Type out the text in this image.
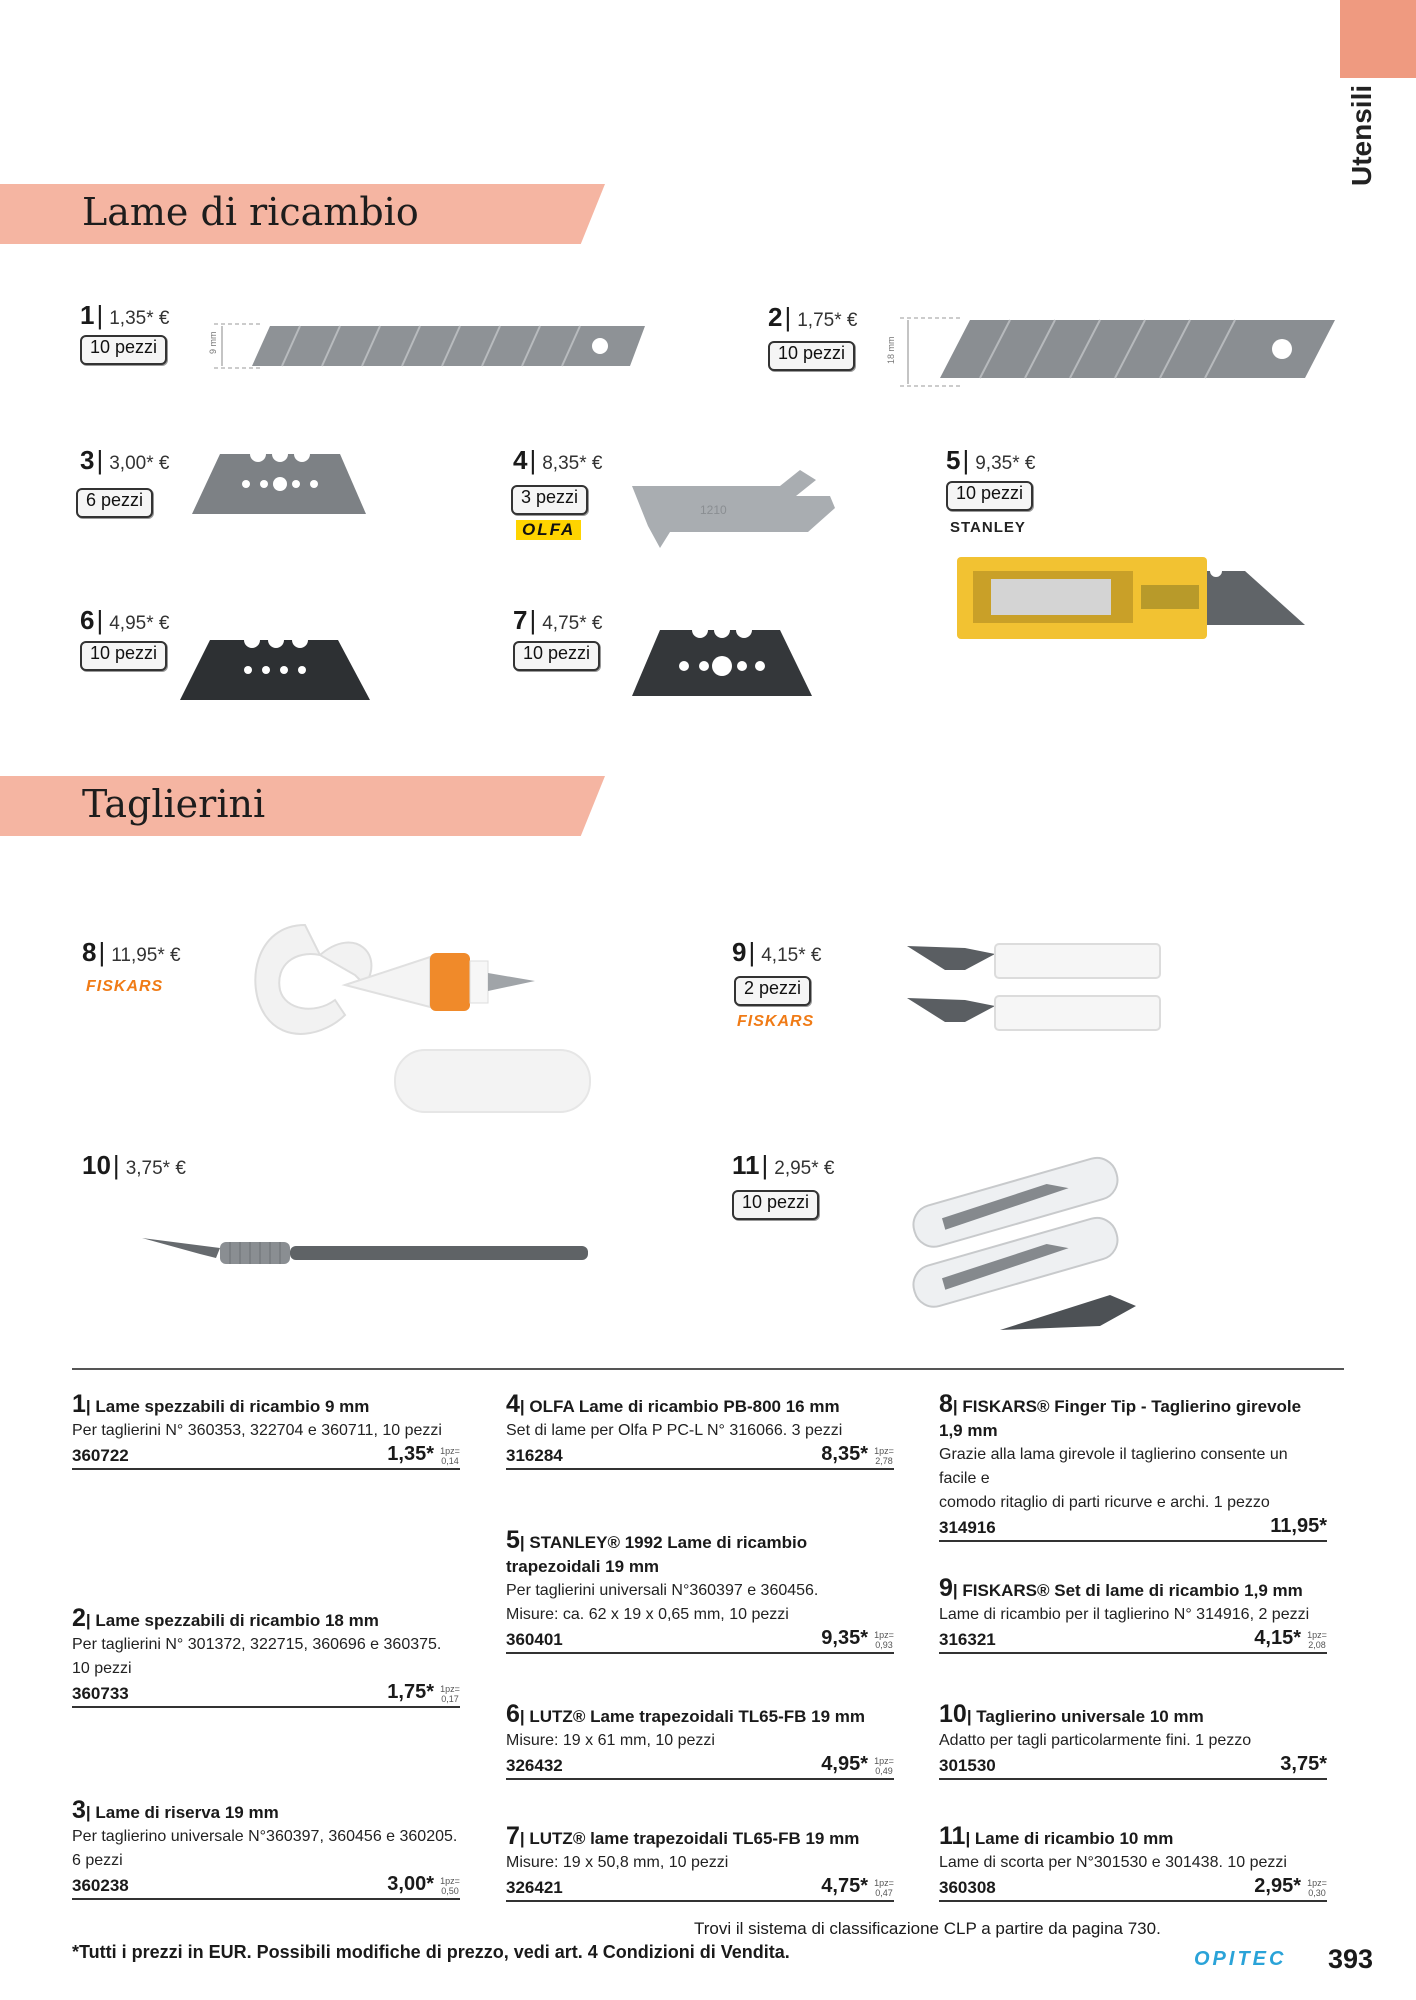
Utensili
Lame di ricambio
Taglierini
1| 1,35* €
10 pezzi
2| 1,75* €
10 pezzi
3| 3,00* €
6 pezzi
4| 8,35* €
3 pezzi
OLFA
5| 9,35* €
10 pezzi
STANLEY
6| 4,95* €
10 pezzi
7| 4,75* €
10 pezzi
8| 11,95* €
FISKARS
9| 4,15* €
2 pezzi
FISKARS
10| 3,75* €	11| 2,95* €
10 pezzi
9 mm	18 mm
1210
1| Lame spezzabili di ricambio 9 mm
Per taglierini N° 360353, 322704 e 360711, 10 pezzi
360722	1,35* 1pz=
0,14
2| Lame spezzabili di ricambio 18 mm
Per taglierini N° 301372, 322715, 360696 e 360375.
10 pezzi
360733	1,75* 1pz=
0,17
3| Lame di riserva 19 mm
Per taglierino universale N°360397, 360456 e 360205.
6 pezzi
360238	3,00* 1pz=
0,50
4| OLFA Lame di ricambio PB-800 16 mm
Set di lame per Olfa P PC-L N° 316066. 3 pezzi
316284	8,35* 1pz=
2,78
5| STANLEY® 1992 Lame di ricambio
trapezoidali 19 mm
Per taglierini universali N°360397 e 360456.
Misure: ca. 62 x 19 x 0,65 mm, 10 pezzi
360401	9,35* 1pz=
0,93
6| LUTZ® Lame trapezoidali TL65-FB 19 mm
Misure: 19 x 61 mm, 10 pezzi
326432	4,95* 1pz=
0,49
7| LUTZ® lame trapezoidali TL65-FB 19 mm
Misure: 19 x 50,8 mm, 10 pezzi
326421	4,75* 1pz=
0,47
8| FISKARS® Finger Tip - Taglierino girevole
1,9 mm
Grazie alla lama girevole il taglierino consente un facile e
comodo ritaglio di parti ricurve e archi. 1 pezzo
314916	11,95*
9| FISKARS® Set di lame di ricambio 1,9 mm
Lame di ricambio per il taglierino N° 314916, 2 pezzi
316321	4,15* 1pz=
2,08
10| Taglierino universale 10 mm
Adatto per tagli particolarmente fini. 1 pezzo
301530	3,75*
11| Lame di ricambio 10 mm
Lame di scorta per N°301530 e 301438. 10 pezzi
360308	2,95* 1pz=
0,30
Trovi il sistema di classificazione CLP a partire da pagina 730.
*Tutti i prezzi in EUR. Possibili modifiche di prezzo, vedi art. 4 Condizioni di Vendita.	OPITEC 393
